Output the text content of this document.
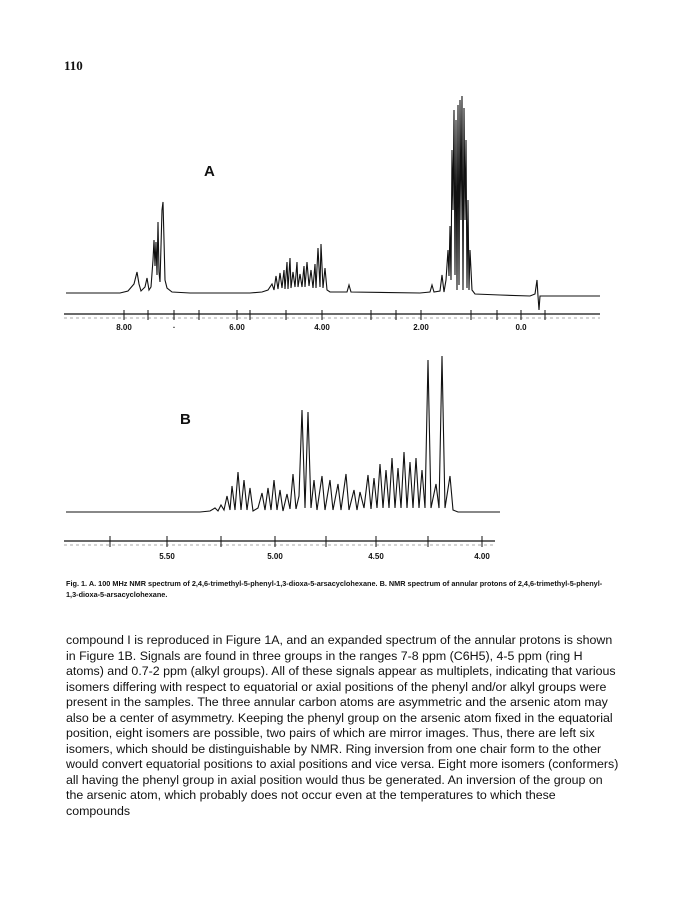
110
A
8.00	.	6.00	4.00	2.00	0.0
B
5.50	5.00	4.50	4.00
Fig. 1. A. 100 MHz NMR spectrum of 2,4,6-trimethyl-5-phenyl-1,3-dioxa-5-arsacyclohexane. B. NMR spectrum of annular protons of 2,4,6-trimethyl-5-phenyl-1,3-dioxa-5-arsacyclohexane.

compound I is reproduced in Figure 1A, and an expanded spectrum of the annular protons is shown in Figure 1B. Signals are found in three groups in the ranges 7-8 ppm (C6H5), 4-5 ppm (ring H atoms) and 0.7-2 ppm (alkyl groups). All of these signals appear as multiplets, indicating that various isomers differing with respect to equatorial or axial positions of the phenyl and/or alkyl groups were present in the samples. The three annular carbon atoms are asymmetric and the arsenic atom may also be a center of asymmetry. Keeping the phenyl group on the arsenic atom fixed in the equatorial position, eight isomers are possible, two pairs of which are mirror images. Thus, there are left six isomers, which should be distinguishable by NMR. Ring inversion from one chair form to the other would convert equatorial positions to axial positions and vice versa. Eight more isomers (conformers) all having the phenyl group in axial position would thus be generated. An inversion of the group on the arsenic atom, which probably does not occur even at the temperatures to which these compounds
